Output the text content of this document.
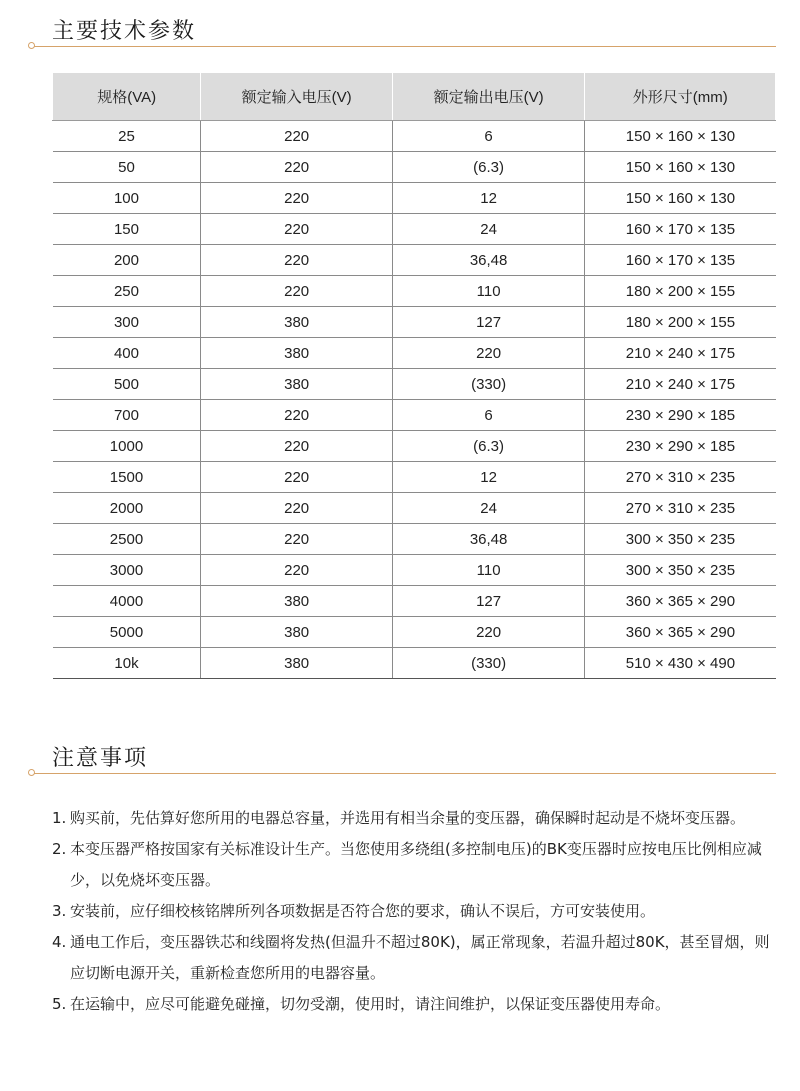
主要技术参数
规格(VA)	额定输入电压(V)	额定输出电压(V)	外形尺寸(mm)
25	220	6	150 × 160 × 130
50	220	(6.3)	150 × 160 × 130
100	220	12	150 × 160 × 130
150	220	24	160 × 170 × 135
200	220	36,48	160 × 170 × 135
250	220	110	180 × 200 × 155
300	380	127	180 × 200 × 155
400	380	220	210 × 240 × 175
500	380	(330)	210 × 240 × 175
700	220	6	230 × 290 × 185
1000	220	(6.3)	230 × 290 × 185
1500	220	12	270 × 310 × 235
2000	220	24	270 × 310 × 235
2500	220	36,48	300 × 350 × 235
3000	220	110	300 × 350 × 235
4000	380	127	360 × 365 × 290
5000	380	220	360 × 365 × 290
10k	380	(330)	510 × 430 × 490
注意事项
1. 购买前，先估算好您所用的电器总容量，并选用有相当余量的变压器，确保瞬时起动是不烧坏变压器。
2. 本变压器严格按国家有关标准设计生产。当您使用多绕组(多控制电压)的BK变压器时应按电压比例相应减少，以免烧坏变压器。
3. 安装前，应仔细校核铭牌所列各项数据是否符合您的要求，确认不误后，方可安装使用。
4. 通电工作后，变压器铁芯和线圈将发热(但温升不超过80K)，属正常现象，若温升超过80K，甚至冒烟，则应切断电源开关，重新检查您所用的电器容量。
5. 在运输中，应尽可能避免碰撞，切勿受潮，使用时，请注间维护，以保证变压器使用寿命。
